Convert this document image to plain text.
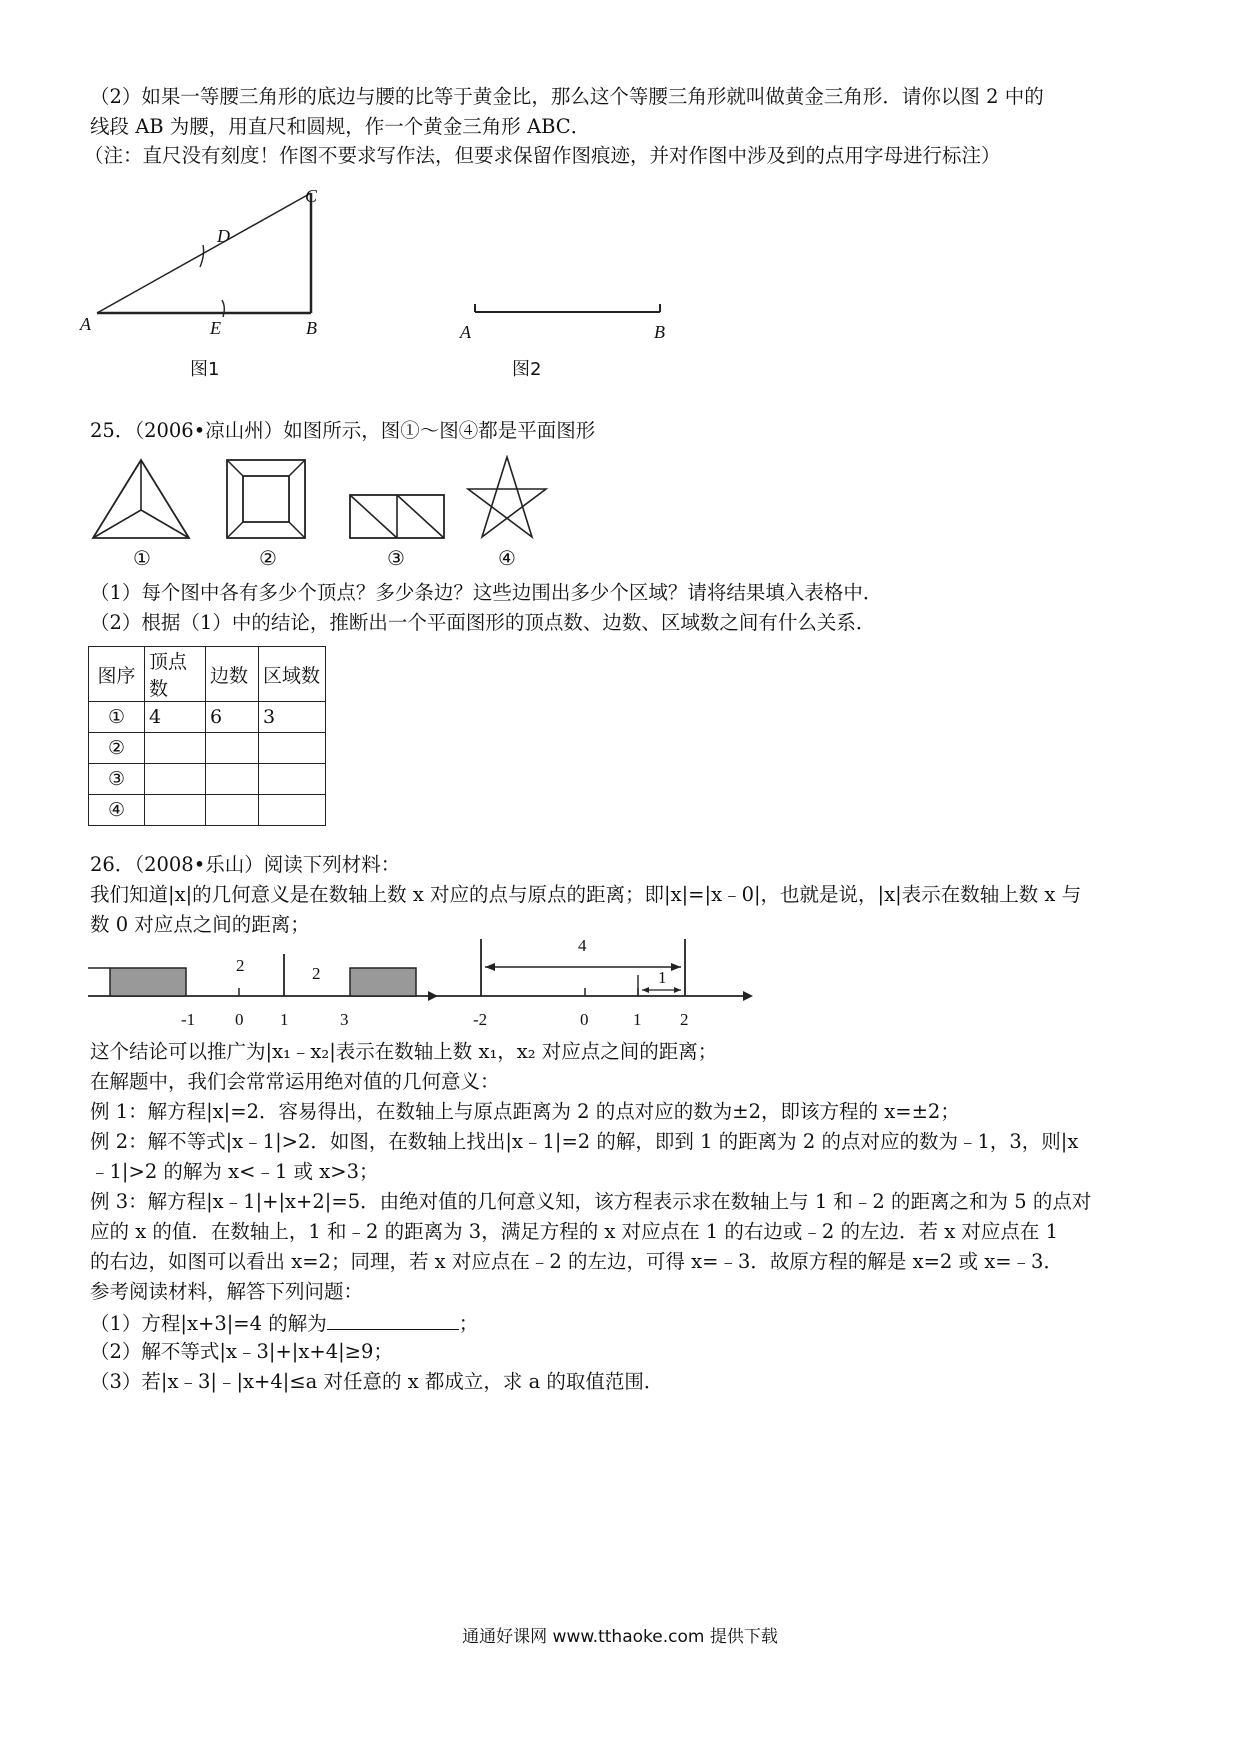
（2）如果一等腰三角形的底边与腰的比等于黄金比，那么这个等腰三角形就叫做黄金三角形．请你以图 2 中的
线段 AB 为腰，用直尺和圆规，作一个黄金三角形 ABC．
（注：直尺没有刻度！作图不要求写作法，但要求保留作图痕迹，并对作图中涉及到的点用字母进行标注）
A	B
C
D
E
图1
A	B
图2
25．（2006•凉山州）如图所示，图①～图④都是平面图形
①	②	③	④
（1）每个图中各有多少个顶点？多少条边？这些边围出多少个区域？请将结果填入表格中．
（2）根据（1）中的结论，推断出一个平面图形的顶点数、边数、区域数之间有什么关系．
图序	顶点数	边数	区域数
①	4	6	3
②			
③			
④			
26．（2008•乐山）阅读下列材料：
我们知道|x|的几何意义是在数轴上数 x 对应的点与原点的距离；即|x|=|x﹣0|，也就是说，|x|表示在数轴上数 x 与
数 0 对应点之间的距离；
-1 0 1	3
2	2
-2	0	1 2
4
1
这个结论可以推广为|x₁﹣x₂|表示在数轴上数 x₁，x₂ 对应点之间的距离；
在解题中，我们会常常运用绝对值的几何意义：
例 1：解方程|x|=2．容易得出，在数轴上与原点距离为 2 的点对应的数为±2，即该方程的 x=±2；
例 2：解不等式|x﹣1|>2．如图，在数轴上找出|x﹣1|=2 的解，即到 1 的距离为 2 的点对应的数为﹣1，3，则|x
﹣1|>2 的解为 x<﹣1 或 x>3；
例 3：解方程|x﹣1|+|x+2|=5．由绝对值的几何意义知，该方程表示求在数轴上与 1 和﹣2 的距离之和为 5 的点对
应的 x 的值．在数轴上，1 和﹣2 的距离为 3，满足方程的 x 对应点在 1 的右边或﹣2 的左边．若 x 对应点在 1
的右边，如图可以看出 x=2；同理，若 x 对应点在﹣2 的左边，可得 x=﹣3．故原方程的解是 x=2 或 x=﹣3．
参考阅读材料，解答下列问题：
（1）方程|x+3|=4 的解为	；
（2）解不等式|x﹣3|+|x+4|≥9；
（3）若|x﹣3|﹣|x+4|≤a 对任意的 x 都成立，求 a 的取值范围．
通通好课网 www.tthaoke.com 提供下载
